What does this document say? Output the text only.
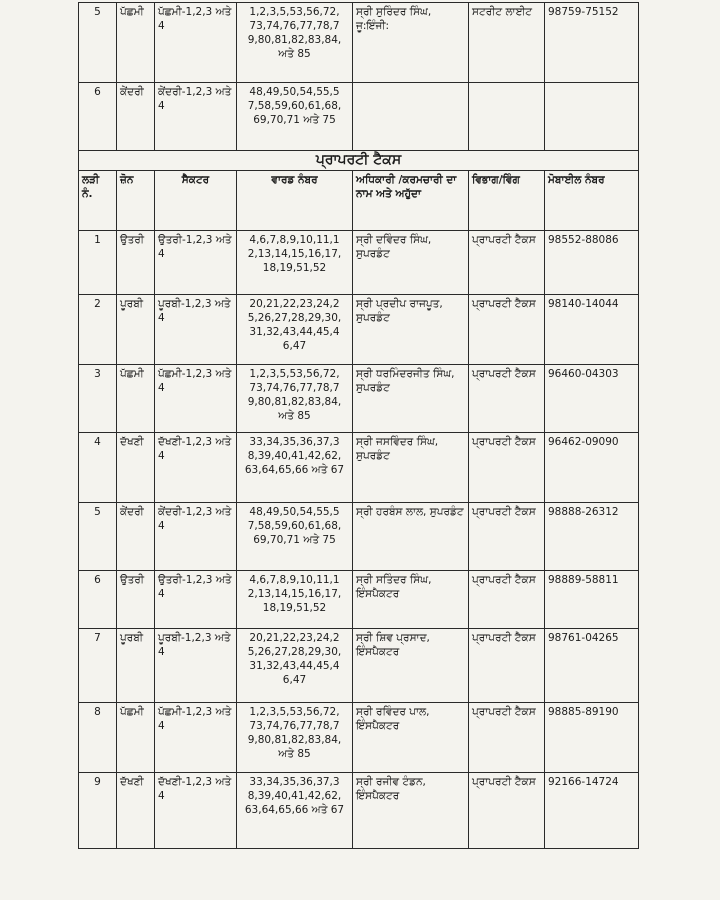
5	ਪੱਛਮੀ	ਪੱਛਮੀ-1,2,3 ਅਤੇ 4	1,2,3,5,53,56,72, 73,74,76,77,78,7 9,80,81,82,83,84, ਅਤੇ 85	ਸ੍ਰੀ ਸੁਰਿੰਦਰ ਸਿੰਘ, ਜੂ:ਇੰਜੀ:	ਸਟਰੀਟ ਲਾਈਟ	98759-75152
6	ਕੇਂਦਰੀ	ਕੇਂਦਰੀ-1,2,3 ਅਤੇ 4	48,49,50,54,55,5 7,58,59,60,61,68, 69,70,71 ਅਤੇ 75			
ਪ੍ਰਾਪਰਟੀ ਟੈਕਸ						
ਲੜੀ ਨੰ.	ਜ਼ੋਨ	ਸੈਕਟਰ	ਵਾਰਡ ਨੰਬਰ	ਅਧਿਕਾਰੀ /ਕਰਮਚਾਰੀ ਦਾ ਨਾਮ ਅਤੇ ਅਹੁੱਦਾ	ਵਿਭਾਗ/ਵਿੰਗ	ਮੋਬਾਈਲ ਨੰਬਰ
1	ਉਤਰੀ	ਉਤਰੀ-1,2,3 ਅਤੇ 4	4,6,7,8,9,10,11,1 2,13,14,15,16,17, 18,19,51,52	ਸ੍ਰੀ ਦਵਿੰਦਰ ਸਿੰਘ, ਸੁਪਰਡੰਟ	ਪ੍ਰਾਪਰਟੀ ਟੈਕਸ	98552-88086
2	ਪੂਰਬੀ	ਪੂਰਬੀ-1,2,3 ਅਤੇ 4	20,21,22,23,24,2 5,26,27,28,29,30, 31,32,43,44,45,4 6,47	ਸ੍ਰੀ ਪ੍ਰਦੀਪ ਰਾਜਪੂਤ, ਸੁਪਰਡੰਟ	ਪ੍ਰਾਪਰਟੀ ਟੈਕਸ	98140-14044
3	ਪੱਛਮੀ	ਪੱਛਮੀ-1,2,3 ਅਤੇ 4	1,2,3,5,53,56,72, 73,74,76,77,78,7 9,80,81,82,83,84, ਅਤੇ 85	ਸ੍ਰੀ ਧਰਮਿੰਦਰਜੀਤ ਸਿੰਘ, ਸੁਪਰਡੰਟ	ਪ੍ਰਾਪਰਟੀ ਟੈਕਸ	96460-04303
4	ਦੱਖਣੀ	ਦੱਖਣੀ-1,2,3 ਅਤੇ 4	33,34,35,36,37,3 8,39,40,41,42,62, 63,64,65,66 ਅਤੇ 67	ਸ੍ਰੀ ਜਸਵਿੰਦਰ ਸਿੰਘ, ਸੁਪਰਡੰਟ	ਪ੍ਰਾਪਰਟੀ ਟੈਕਸ	96462-09090
5	ਕੇਂਦਰੀ	ਕੇਂਦਰੀ-1,2,3 ਅਤੇ 4	48,49,50,54,55,5 7,58,59,60,61,68, 69,70,71 ਅਤੇ 75	ਸ੍ਰੀ ਹਰਬੰਸ ਲਾਲ, ਸੁਪਰਡੰਟ	ਪ੍ਰਾਪਰਟੀ ਟੈਕਸ	98888-26312
6	ਉਤਰੀ	ਉਤਰੀ-1,2,3 ਅਤੇ 4	4,6,7,8,9,10,11,1 2,13,14,15,16,17, 18,19,51,52	ਸ੍ਰੀ ਸਤਿੰਦਰ ਸਿੰਘ, ਇੰਸਪੈਕਟਰ	ਪ੍ਰਾਪਰਟੀ ਟੈਕਸ	98889-58811
7	ਪੂਰਬੀ	ਪੂਰਬੀ-1,2,3 ਅਤੇ 4	20,21,22,23,24,2 5,26,27,28,29,30, 31,32,43,44,45,4 6,47	ਸ੍ਰੀ ਸ਼ਿਵ ਪ੍ਰਸਾਦ, ਇੰਸਪੈਕਟਰ	ਪ੍ਰਾਪਰਟੀ ਟੈਕਸ	98761-04265
8	ਪੱਛਮੀ	ਪੱਛਮੀ-1,2,3 ਅਤੇ 4	1,2,3,5,53,56,72, 73,74,76,77,78,7 9,80,81,82,83,84, ਅਤੇ 85	ਸ੍ਰੀ ਰਵਿੰਦਰ ਪਾਲ, ਇੰਸਪੈਕਟਰ	ਪ੍ਰਾਪਰਟੀ ਟੈਕਸ	98885-89190
9	ਦੱਖਣੀ	ਦੱਖਣੀ-1,2,3 ਅਤੇ 4	33,34,35,36,37,3 8,39,40,41,42,62, 63,64,65,66 ਅਤੇ 67	ਸ੍ਰੀ ਰਜੀਵ ਟੰਡਨ, ਇੰਸਪੈਕਟਰ	ਪ੍ਰਾਪਰਟੀ ਟੈਕਸ	92166-14724
